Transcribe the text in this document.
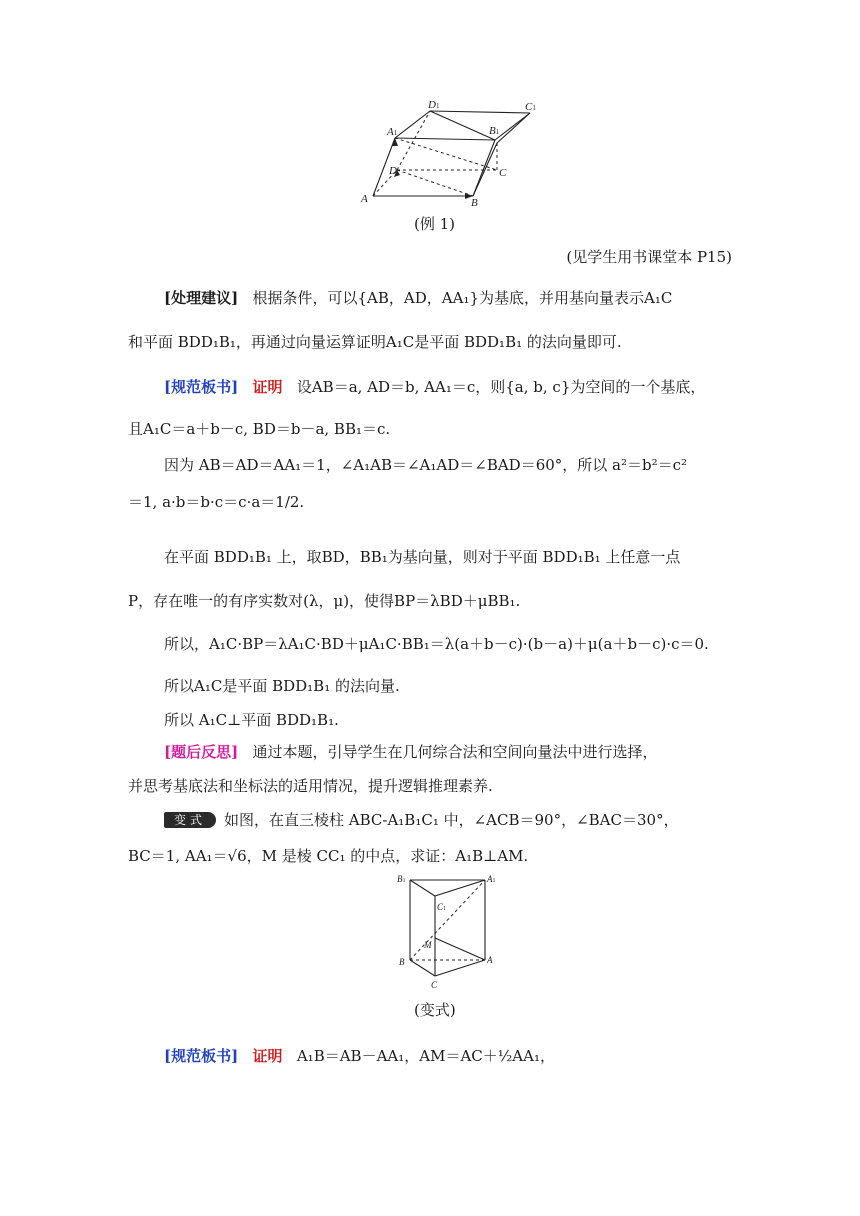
D1	C1
A1	B1
D	C
A	B
(例 1)
(见学生用书课堂本 P15)
[处理建议] 根据条件，可以{AB，AD，AA₁}为基底，并用基向量表示A₁C
和平面 BDD₁B₁，再通过向量运算证明A₁C是平面 BDD₁B₁ 的法向量即可.
[规范板书] 证明 设AB＝a, AD＝b, AA₁＝c，则{a, b, c}为空间的一个基底，
且A₁C＝a＋b－c, BD＝b－a, BB₁＝c.
因为 AB＝AD＝AA₁＝1，∠A₁AB＝∠A₁AD＝∠BAD＝60°，所以 a²＝b²＝c²
＝1, a·b＝b·c＝c·a＝1/2.
在平面 BDD₁B₁ 上，取BD，BB₁为基向量，则对于平面 BDD₁B₁ 上任意一点
P，存在唯一的有序实数对(λ，μ)，使得BP＝λBD＋μBB₁.
所以，A₁C·BP＝λA₁C·BD＋μA₁C·BB₁＝λ(a＋b－c)·(b－a)＋μ(a＋b－c)·c＝0.
所以A₁C是平面 BDD₁B₁ 的法向量.
所以 A₁C⊥平面 BDD₁B₁.
[题后反思] 通过本题，引导学生在几何综合法和空间向量法中进行选择，
并思考基底法和坐标法的适用情况，提升逻辑推理素养.
变式 如图，在直三棱柱 ABC-A₁B₁C₁ 中，∠ACB＝90°，∠BAC＝30°，
BC＝1, AA₁＝√6，M 是棱 CC₁ 的中点，求证：A₁B⊥AM.
B1	A1
C1
M
B	A
C
(变式)
[规范板书] 证明 A₁B＝AB－AA₁，AM＝AC＋½AA₁，
